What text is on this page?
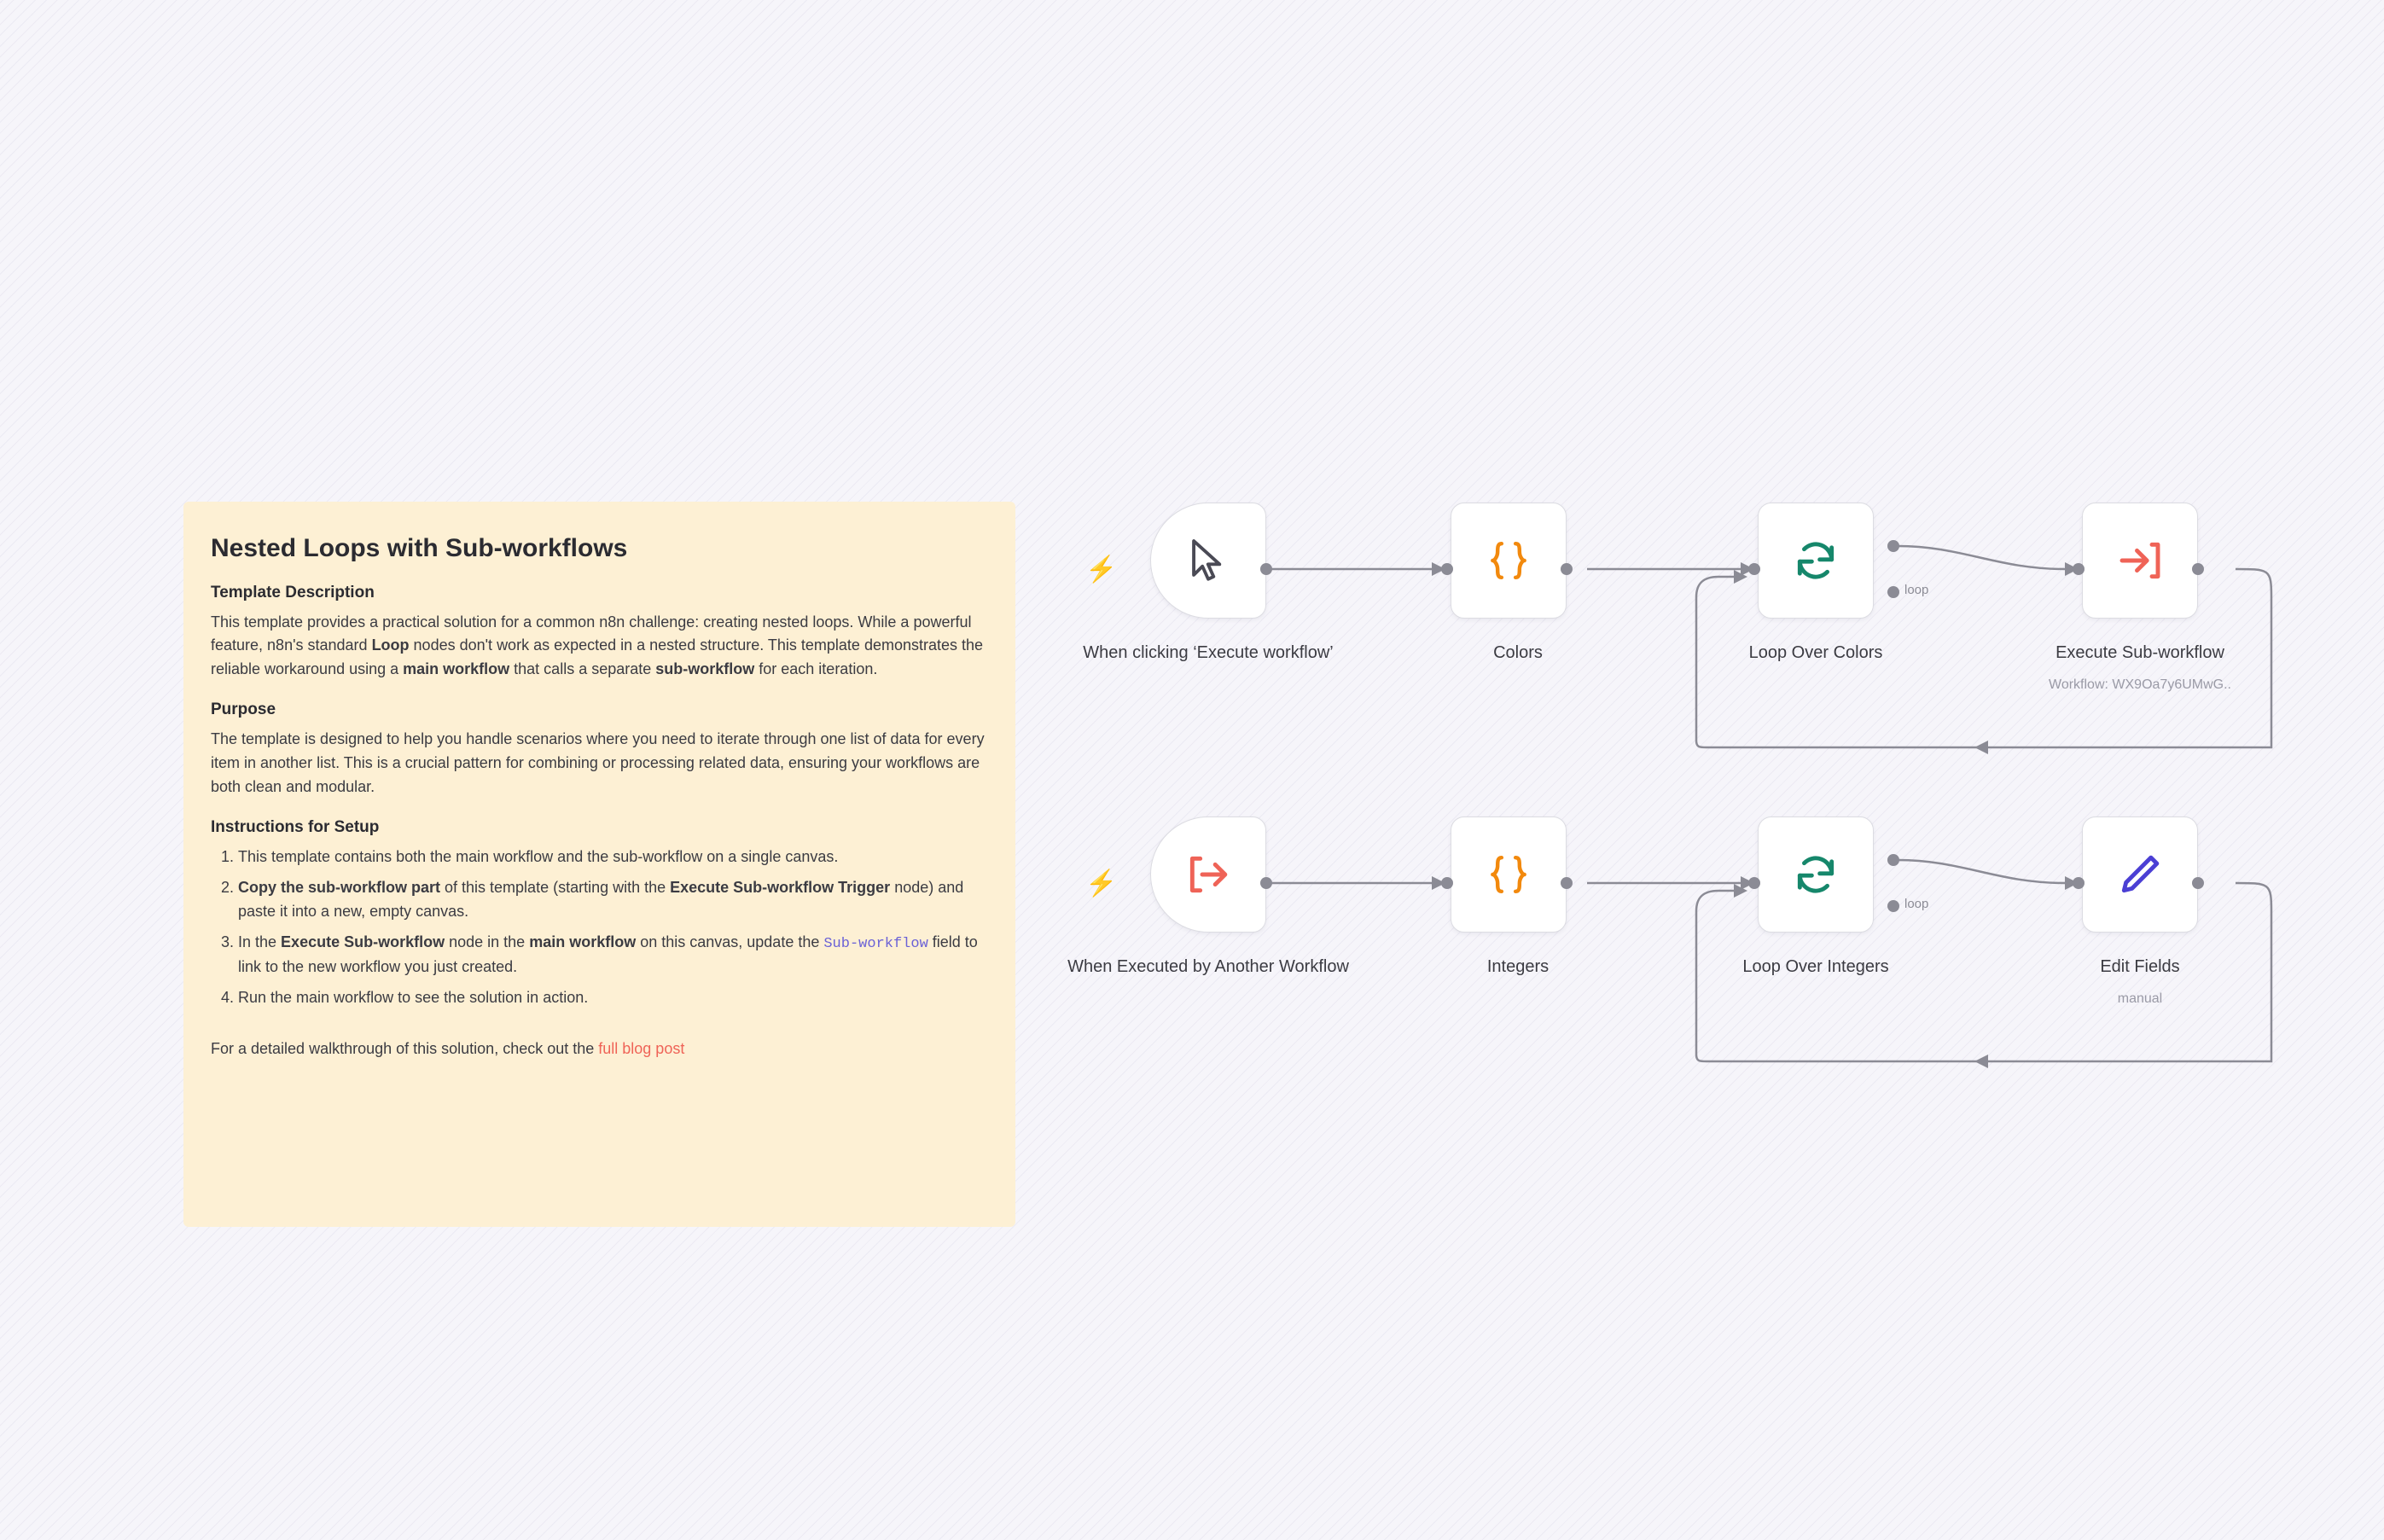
Nested Loops with Sub-workflows
Template Description

This template provides a practical solution for a common n8n challenge: creating nested loops. While a powerful feature, n8n's standard Loop nodes don't work as expected in a nested structure. This template demonstrates the reliable workaround using a main workflow that calls a separate sub-workflow for each iteration.

Purpose

The template is designed to help you handle scenarios where you need to iterate through one list of data for every item in another list. This is a crucial pattern for combining or processing related data, ensuring your workflows are both clean and modular.

Instructions for Setup
1. This template contains both the main workflow and the sub-workflow on a single canvas.
2. Copy the sub-workflow part of this template (starting with the Execute Sub-workflow Trigger node) and paste it into a new, empty canvas.
3. In the Execute Sub-workflow node in the main workflow on this canvas, update the Sub-workflow field to link to the new workflow you just created.
4. Run the main workflow to see the solution in action.
For a detailed walkthrough of this solution, check out the full blog post
⚡
When clicking ‘Execute workflow’	Colors
loop
Loop Over Colors	Execute Sub-workflow
Workflow: WX9Oa7y6UMwG..
⚡
When Executed by Another Workflow	Integers
loop
Loop Over Integers	Edit Fields
manual
